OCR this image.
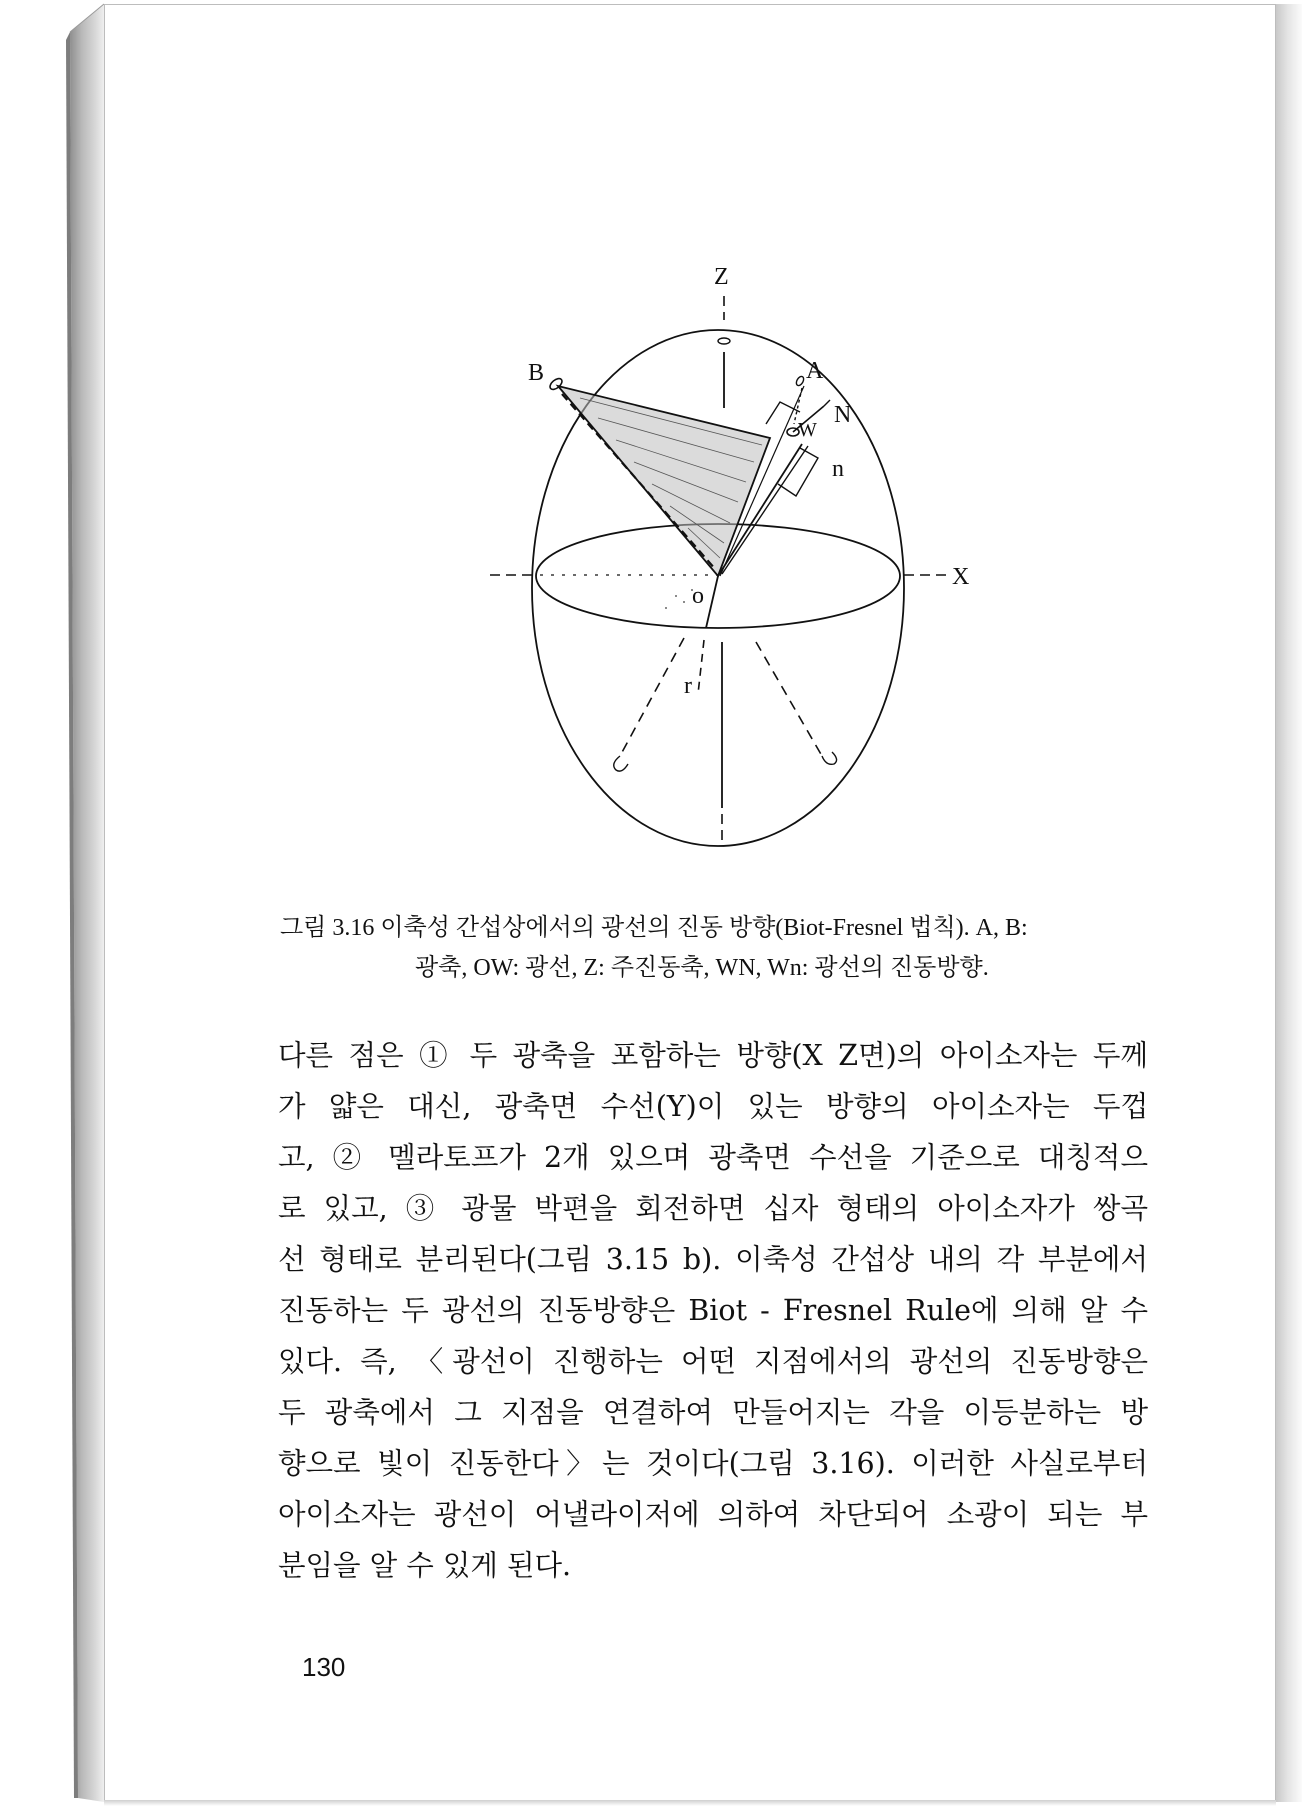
Z
B	A
W
N
n
X
o
r
그림 3.16 이축성 간섭상에서의 광선의 진동 방향(Biot-Fresnel 법칙). A, B:
광축, OW: 광선, Z: 주진동축, WN, Wn: 광선의 진동방향.
다른 점은 ① 두 광축을 포함하는 방향(X Z면)의 아이소자는 두께
가 얇은 대신, 광축면 수선(Y)이 있는 방향의 아이소자는 두껍
고, ② 멜라토프가 2개 있으며 광축면 수선을 기준으로 대칭적으
로 있고, ③ 광물 박편을 회전하면 십자 형태의 아이소자가 쌍곡
선 형태로 분리된다(그림 3.15 b). 이축성 간섭상 내의 각 부분에서
진동하는 두 광선의 진동방향은 Biot - Fresnel Rule에 의해 알 수
있다. 즉, 〈광선이 진행하는 어떤 지점에서의 광선의 진동방향은
두 광축에서 그 지점을 연결하여 만들어지는 각을 이등분하는 방
향으로 빛이 진동한다〉는 것이다(그림 3.16). 이러한 사실로부터
아이소자는 광선이 어낼라이저에 의하여 차단되어 소광이 되는 부
분임을 알 수 있게 된다.
130
